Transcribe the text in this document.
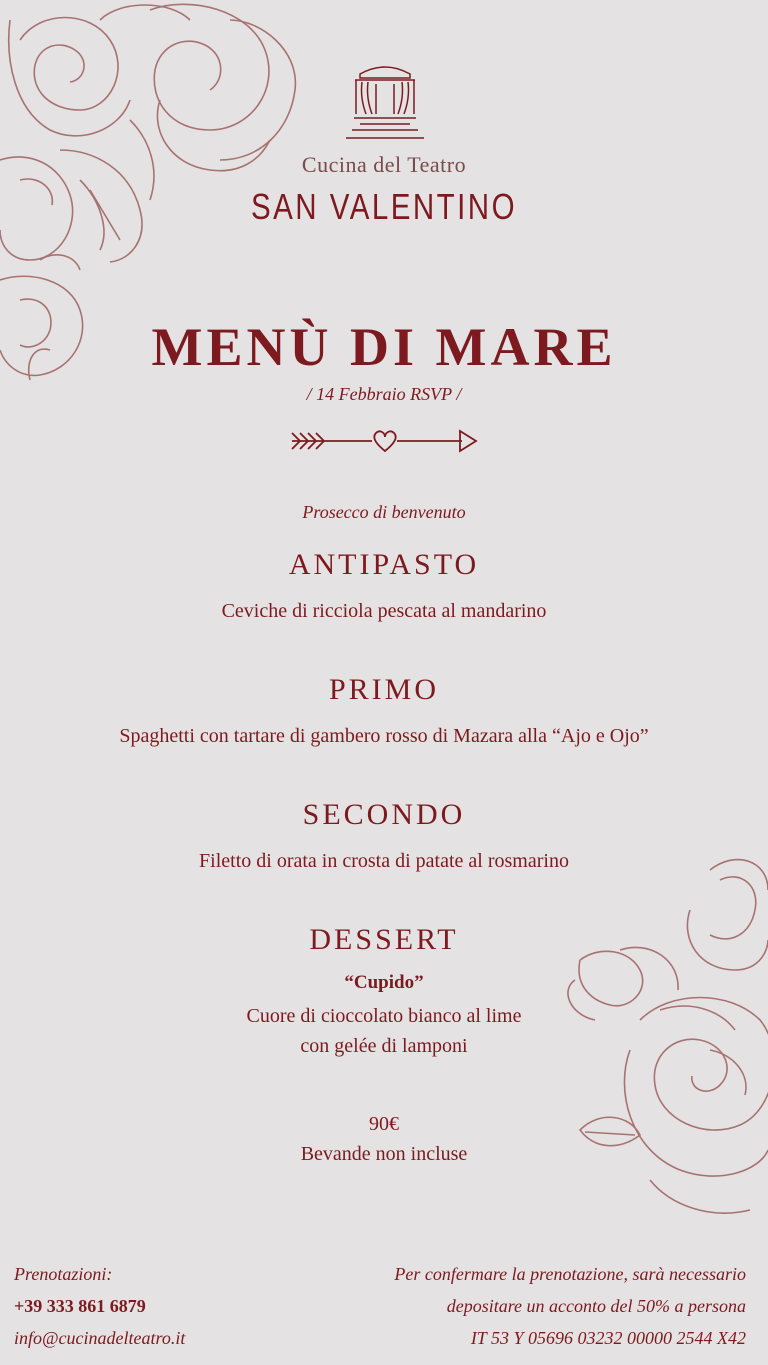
Cucina del Teatro
SAN VALENTINO
MENÙ DI MARE
/ 14 Febbraio RSVP /
Prosecco di benvenuto
ANTIPASTO
Ceviche di ricciola pescata al mandarino
PRIMO
Spaghetti con tartare di gambero rosso di Mazara alla “Ajo e Ojo”
SECONDO
Filetto di orata in crosta di patate al rosmarino
DESSERT
“Cupido”
Cuore di cioccolato bianco al lime
con gelée di lamponi
90€
Bevande non incluse
Prenotazioni:
+39 333 861 6879
info@cucinadelteatro.it
Per confermare la prenotazione, sarà necessario
depositare un acconto del 50% a persona
IT 53 Y 05696 03232 00000 2544 X42
